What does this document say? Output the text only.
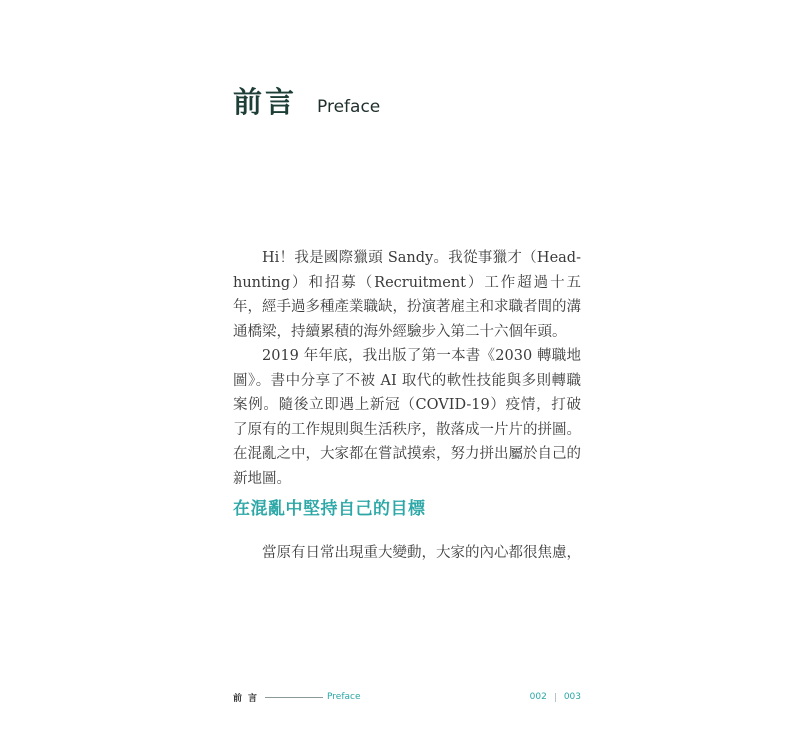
前言 Preface

Hi！我是國際獵頭 Sandy。我從事獵才（Head-hunting）和招募（Recruitment）工作超過十五年，經手過多種產業職缺，扮演著雇主和求職者間的溝通橋梁，持續累積的海外經驗步入第二十六個年頭。

2019 年年底，我出版了第一本書《2030 轉職地圖》。書中分享了不被 AI 取代的軟性技能與多則轉職案例。隨後立即遇上新冠（COVID-19）疫情，打破了原有的工作規則與生活秩序，散落成一片片的拼圖。在混亂之中，大家都在嘗試摸索，努力拼出屬於自己的新地圖。

在混亂中堅持自己的目標

當原有日常出現重大變動，大家的內心都很焦慮，

前言	Preface	002 003
